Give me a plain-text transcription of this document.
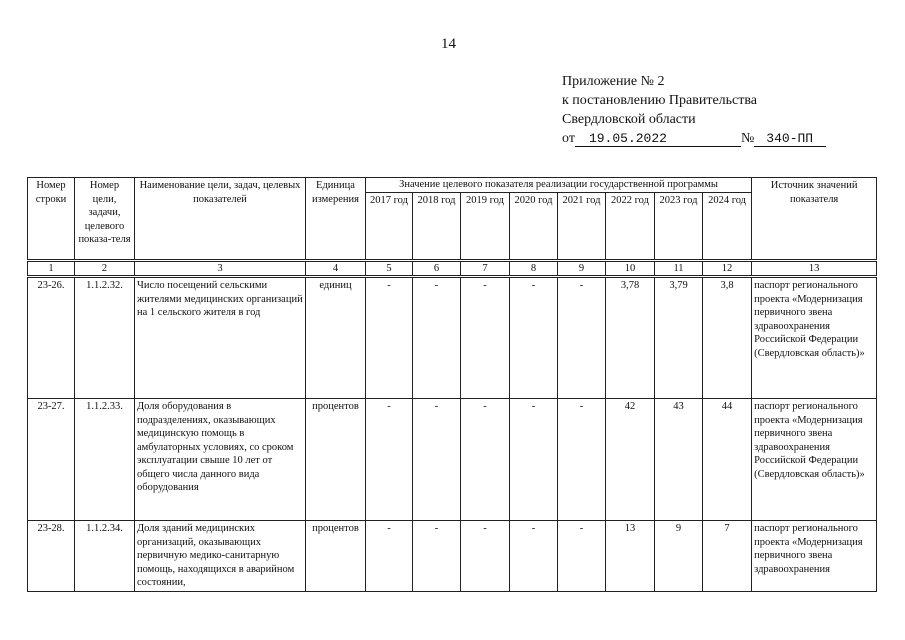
14
Приложение № 2
к постановлению Правительства
Свердловской области
от 19.05.2022	№ 340-ПП
Номер строки	Номер цели, задачи, целевого показа-теля	Наименование цели, задач, целевых показателей	Единица измерения	Значение целевого показателя реализации государственной программы								Источник значений показателя
				2017 год	2018 год	2019 год	2020 год	2021 год	2022 год	2023 год	2024 год	
1	2	3	4	5	6	7	8	9	10	11	12	13
23-26.	1.1.2.32.	Число посещений сельскими жителями медицинских организаций на 1 сельского жителя в год	единиц	-	-	-	-	-	3,78	3,79	3,8	паспорт регионального проекта «Модернизация первичного звена здравоохранения Российской Федерации (Свердловская область)»
23-27.	1.1.2.33.	Доля оборудования в подразделениях, оказывающих медицинскую помощь в амбулаторных условиях, со сроком эксплуатации свыше 10 лет от общего числа данного вида оборудования	процентов	-	-	-	-	-	42	43	44	паспорт регионального проекта «Модернизация первичного звена здравоохранения Российской Федерации (Свердловская область)»
23-28.	1.1.2.34.	Доля зданий медицинских организаций, оказывающих первичную медико-санитарную помощь, находящихся в аварийном состоянии,	процентов	-	-	-	-	-	13	9	7	паспорт регионального проекта «Модернизация первичного звена здравоохранения
